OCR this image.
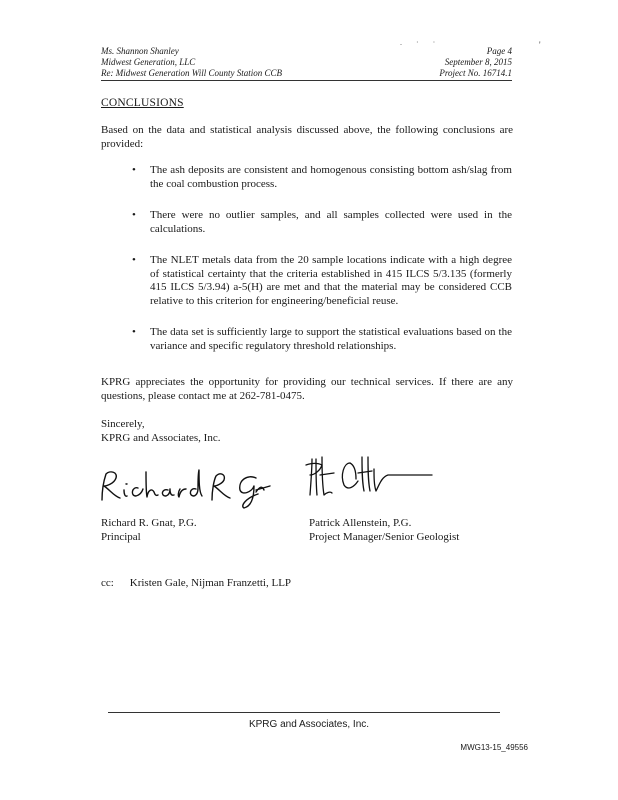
. · ·	'
Ms. Shannon Shanley
Midwest Generation, LLC
Re: Midwest Generation Will County Station CCB
Page 4
September 8, 2015
Project No. 16714.1
CONCLUSIONS
Based on the data and statistical analysis discussed above, the following conclusions are provided:
• The ash deposits are consistent and homogenous consisting bottom ash/slag from the coal combustion process.
• There were no outlier samples, and all samples collected were used in the calculations.
• The NLET metals data from the 20 sample locations indicate with a high degree of statistical certainty that the criteria established in 415 ILCS 5/3.135 (formerly 415 ILCS 5/3.94) a-5(H) are met and that the material may be considered CCB relative to this criterion for engineering/beneficial reuse.
• The data set is sufficiently large to support the statistical evaluations based on the variance and specific regulatory threshold relationships.
KPRG appreciates the opportunity for providing our technical services. If there are any questions, please contact me at 262-781-0475.
Sincerely,
KPRG and Associates, Inc.
Richard R. Gnat, P.G.
Principal
Patrick Allenstein, P.G.
Project Manager/Senior Geologist
cc: Kristen Gale, Nijman Franzetti, LLP
KPRG and Associates, Inc.
MWG13-15_49556
